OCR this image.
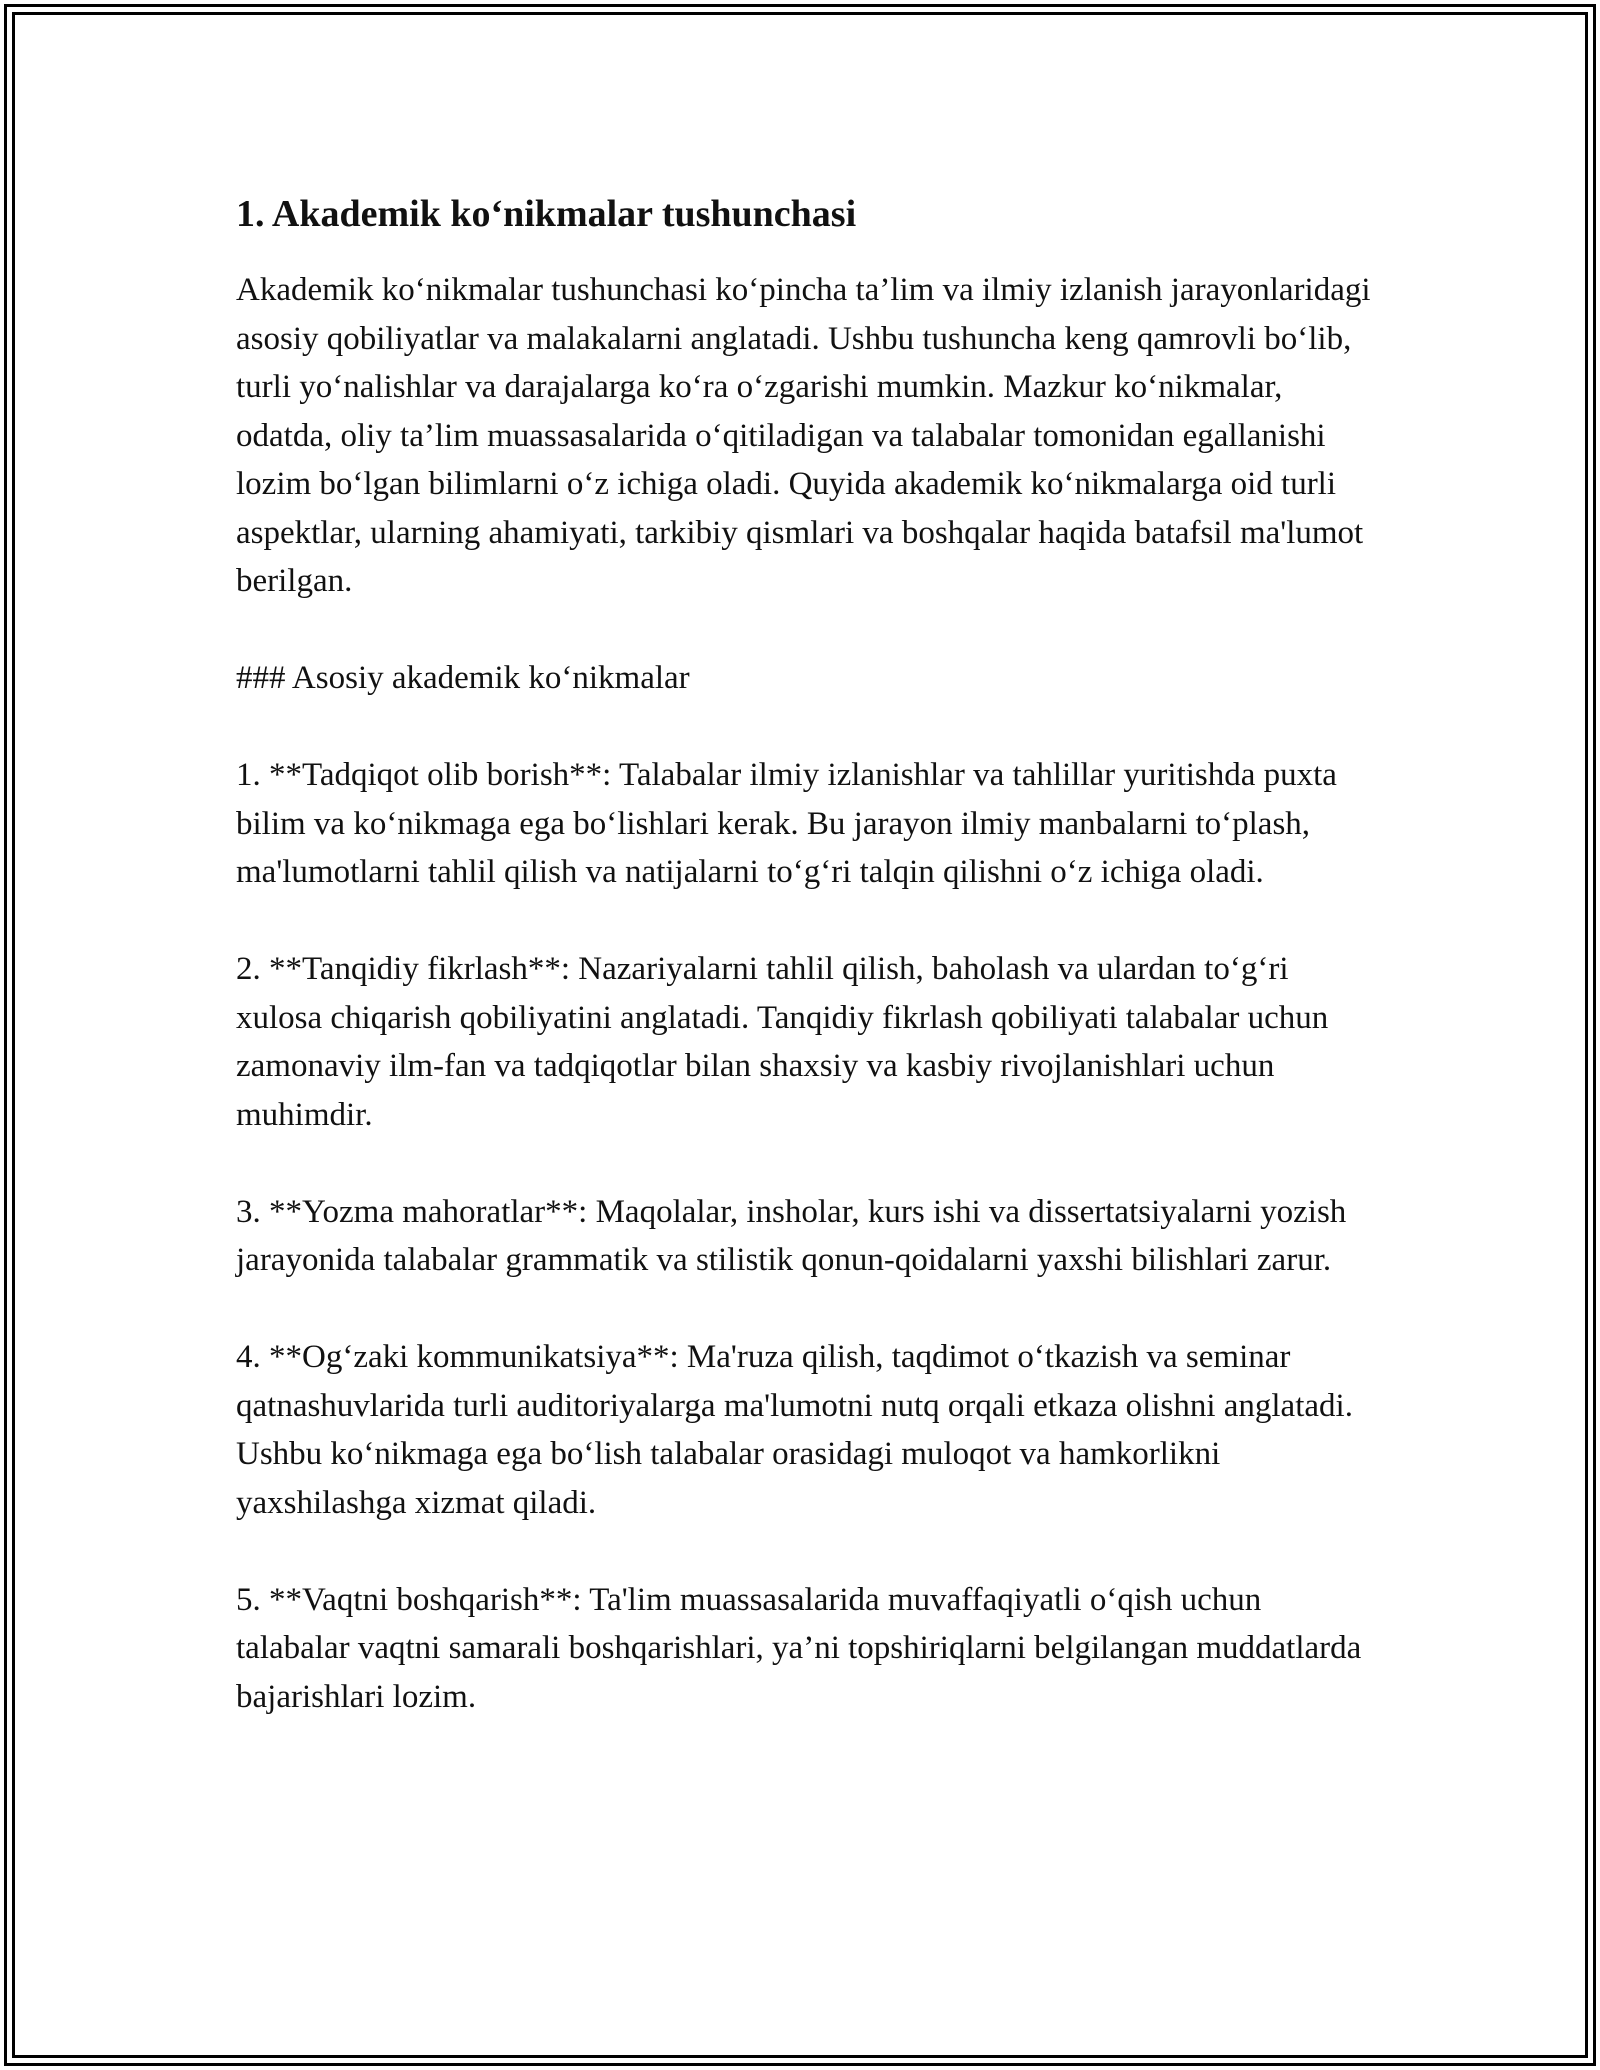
1. Akademik ko‘nikmalar tushunchasi

Akademik ko‘nikmalar tushunchasi ko‘pincha ta’lim va ilmiy izlanish jarayonlaridagi asosiy qobiliyatlar va malakalarni anglatadi. Ushbu tushuncha keng qamrovli bo‘lib, turli yo‘nalishlar va darajalarga ko‘ra o‘zgarishi mumkin. Mazkur ko‘nikmalar, odatda, oliy ta’lim muassasalarida o‘qitiladigan va talabalar tomonidan egallanishi lozim bo‘lgan bilimlarni o‘z ichiga oladi. Quyida akademik ko‘nikmalarga oid turli aspektlar, ularning ahamiyati, tarkibiy qismlari va boshqalar haqida batafsil ma'lumot berilgan.

### Asosiy akademik ko‘nikmalar

1. **Tadqiqot olib borish**: Talabalar ilmiy izlanishlar va tahlillar yuritishda puxta bilim va ko‘nikmaga ega bo‘lishlari kerak. Bu jarayon ilmiy manbalarni to‘plash, ma'lumotlarni tahlil qilish va natijalarni to‘g‘ri talqin qilishni o‘z ichiga oladi.

2. **Tanqidiy fikrlash**: Nazariyalarni tahlil qilish, baholash va ulardan to‘g‘ri xulosa chiqarish qobiliyatini anglatadi. Tanqidiy fikrlash qobiliyati talabalar uchun zamonaviy ilm-fan va tadqiqotlar bilan shaxsiy va kasbiy rivojlanishlari uchun muhimdir.

3. **Yozma mahoratlar**: Maqolalar, insholar, kurs ishi va dissertatsiyalarni yozish jarayonida talabalar grammatik va stilistik qonun-qoidalarni yaxshi bilishlari zarur.

4. **Og‘zaki kommunikatsiya**: Ma'ruza qilish, taqdimot o‘tkazish va seminar qatnashuvlarida turli auditoriyalarga ma'lumotni nutq orqali etkaza olishni anglatadi. Ushbu ko‘nikmaga ega bo‘lish talabalar orasidagi muloqot va hamkorlikni yaxshilashga xizmat qiladi.

5. **Vaqtni boshqarish**: Ta'lim muassasalarida muvaffaqiyatli o‘qish uchun talabalar vaqtni samarali boshqarishlari, ya’ni topshiriqlarni belgilangan muddatlarda bajarishlari lozim.
